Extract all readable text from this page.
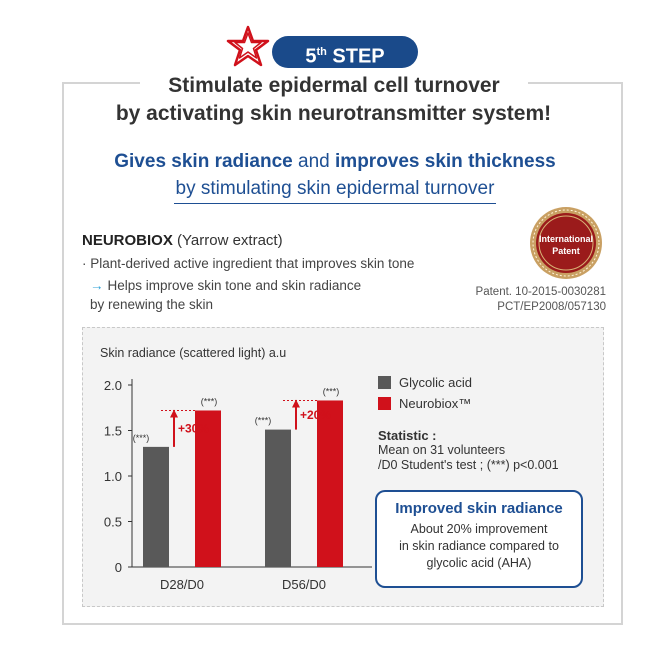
5th STEP
Stimulate epidermal cell turnover
by activating skin neurotransmitter system!
Gives skin radiance and improves skin thickness
by stimulating skin epidermal turnover
NEUROBIOX (Yarrow extract)
· Plant-derived active ingredient that improves skin tone
→ Helps improve skin tone and skin radiance
by renewing the skin
International
Patent
Patent. 10-2015-0030281
PCT/EP2008/057130
Skin radiance (scattered light) a.u
2.0
1.5
1.0
0.5
0
(***)
(***)
+30%
D28/D0
(***)
(***)
+20%
D56/D0
Glycolic acid
Neurobiox™
Statistic :
Mean on 31 volunteers
/D0 Student's test ; (***) p<0.001
Improved skin radiance
About 20% improvement
in skin radiance compared to
glycolic acid (AHA)
